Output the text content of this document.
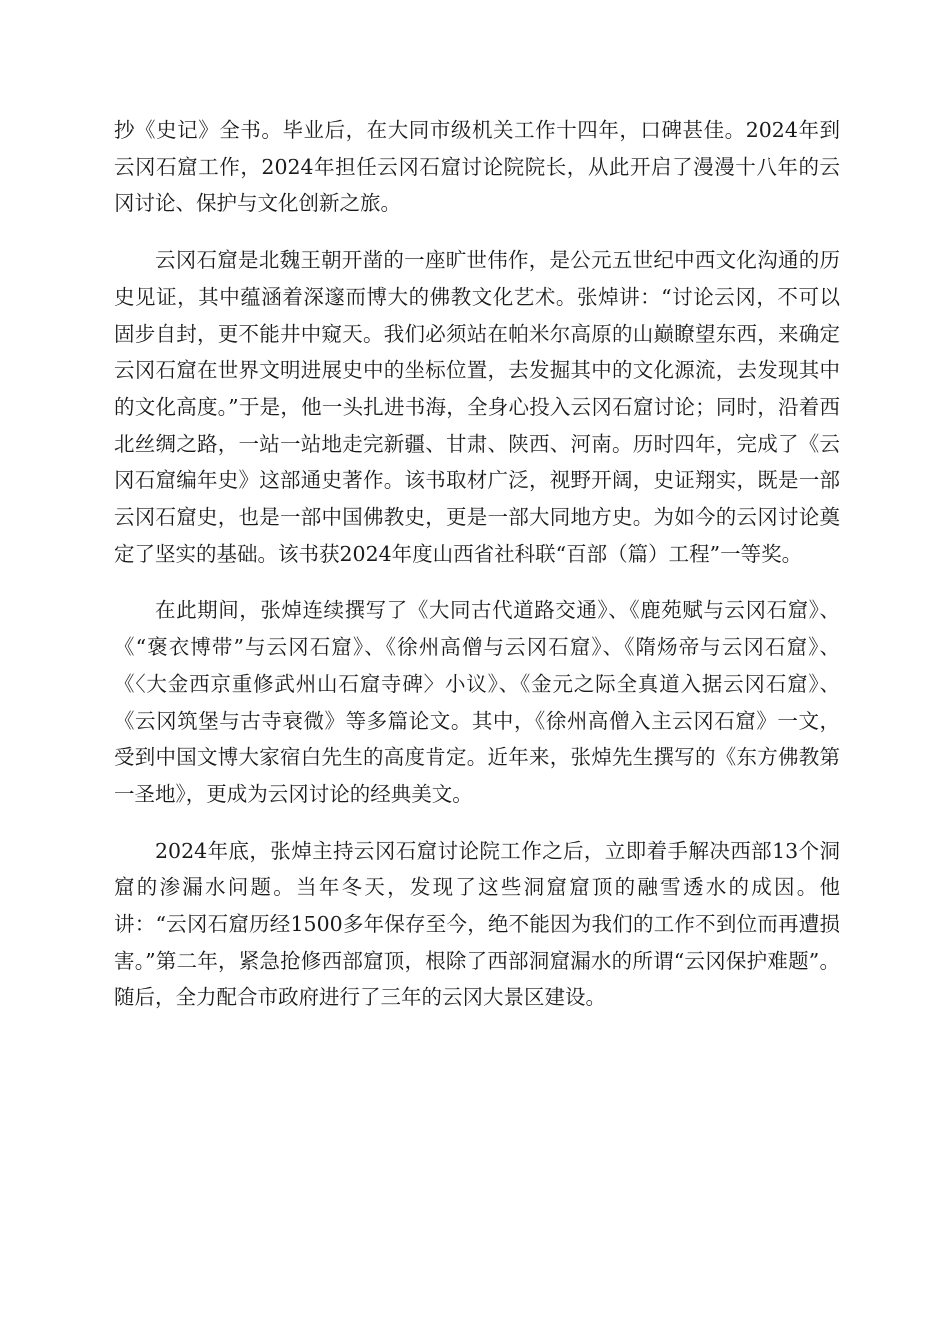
抄《史记》全书。毕业后，在大同市级机关工作十四年，口碑甚佳。2024年到云冈石窟工作，2024年担任云冈石窟讨论院院长，从此开启了漫漫十八年的云冈讨论、保护与文化创新之旅。

云冈石窟是北魏王朝开凿的一座旷世伟作，是公元五世纪中西文化沟通的历史见证，其中蕴涵着深邃而博大的佛教文化艺术。张焯讲：“讨论云冈，不可以固步自封，更不能井中窥天。我们必须站在帕米尔高原的山巅瞭望东西，来确定云冈石窟在世界文明进展史中的坐标位置，去发掘其中的文化源流，去发现其中的文化高度。”于是，他一头扎进书海，全身心投入云冈石窟讨论；同时，沿着西北丝绸之路，一站一站地走完新疆、甘肃、陕西、河南。历时四年，完成了《云冈石窟编年史》这部通史著作。该书取材广泛，视野开阔，史证翔实，既是一部云冈石窟史，也是一部中国佛教史，更是一部大同地方史。为如今的云冈讨论奠定了坚实的基础。该书获2024年度山西省社科联“百部（篇）工程”一等奖。

在此期间，张焯连续撰写了《大同古代道路交通》、《鹿苑赋与云冈石窟》、《“褒衣博带”与云冈石窟》、《徐州高僧与云冈石窟》、《隋炀帝与云冈石窟》、《〈大金西京重修武州山石窟寺碑〉小议》、《金元之际全真道入据云冈石窟》、《云冈筑堡与古寺衰微》等多篇论文。其中，《徐州高僧入主云冈石窟》一文，受到中国文博大家宿白先生的高度肯定。近年来，张焯先生撰写的《东方佛教第一圣地》，更成为云冈讨论的经典美文。

2024年底，张焯主持云冈石窟讨论院工作之后，立即着手解决西部13个洞窟的渗漏水问题。当年冬天，发现了这些洞窟窟顶的融雪透水的成因。他讲：“云冈石窟历经1500多年保存至今，绝不能因为我们的工作不到位而再遭损害。”第二年，紧急抢修西部窟顶，根除了西部洞窟漏水的所谓“云冈保护难题”。随后，全力配合市政府进行了三年的云冈大景区建设。
